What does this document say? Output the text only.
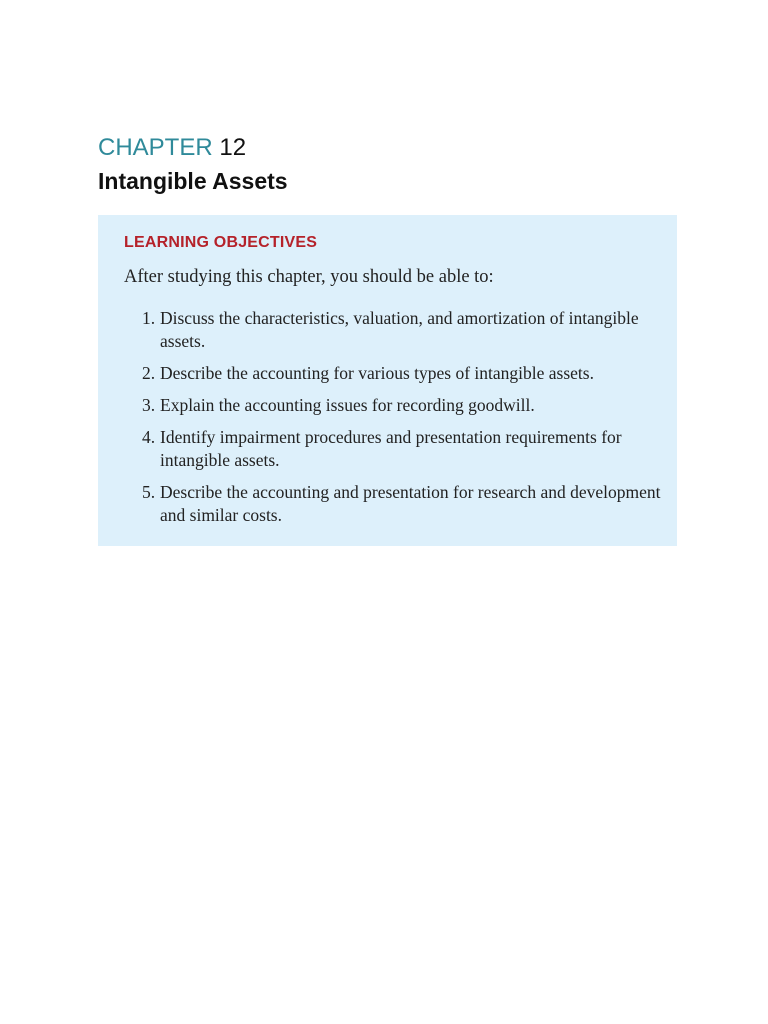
CHAPTER 12
Intangible Assets
LEARNING OBJECTIVES

After studying this chapter, you should be able to:

1. Discuss the characteristics, valuation, and amortization of intangible assets.
2. Describe the accounting for various types of intangible assets.
3. Explain the accounting issues for recording goodwill.
4. Identify impairment procedures and presentation requirements for intangible assets.
5. Describe the accounting and presentation for research and development and similar costs.
